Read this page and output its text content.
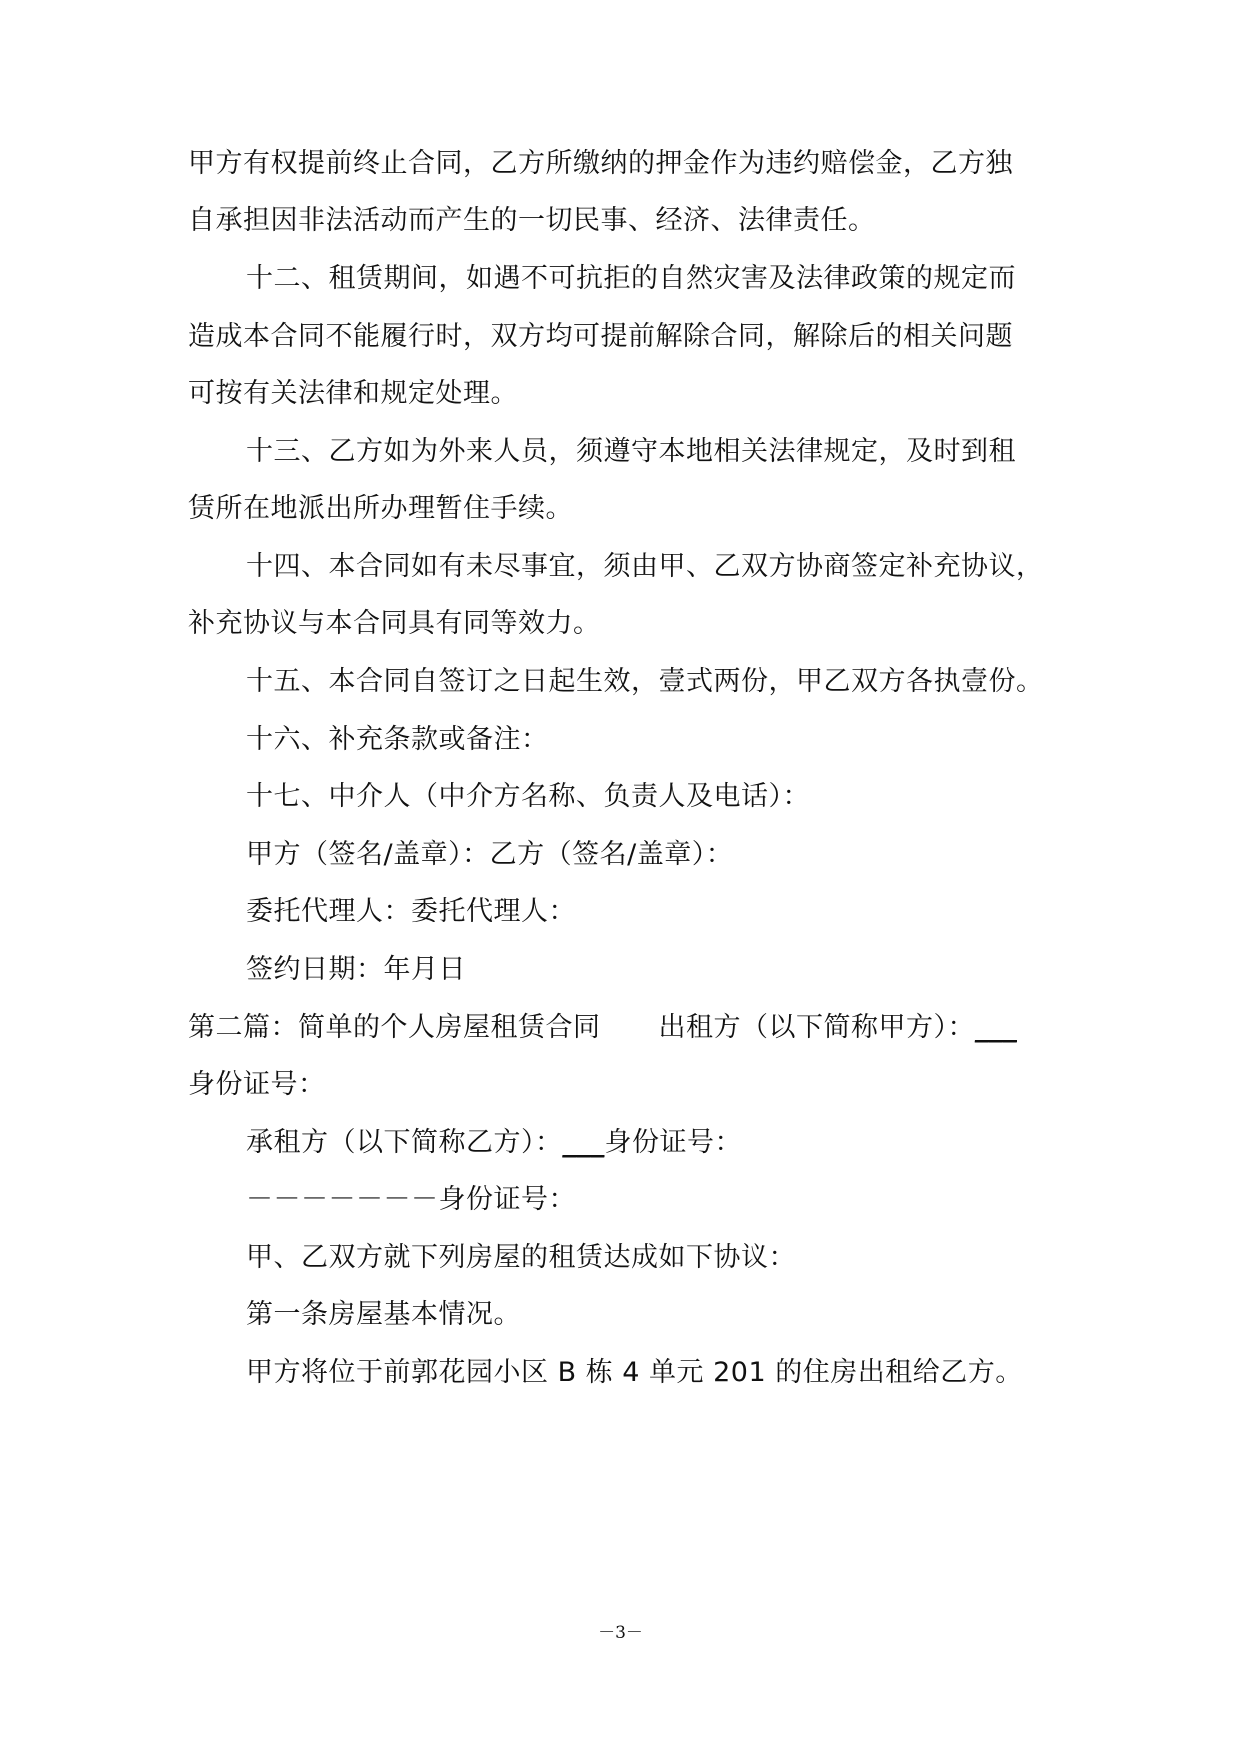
甲方有权提前终止合同，乙方所缴纳的押金作为违约赔偿金，乙方独
自承担因非法活动而产生的一切民事、经济、法律责任。
十二、租赁期间，如遇不可抗拒的自然灾害及法律政策的规定而
造成本合同不能履行时，双方均可提前解除合同，解除后的相关问题
可按有关法律和规定处理。
十三、乙方如为外来人员，须遵守本地相关法律规定，及时到租
赁所在地派出所办理暂住手续。
十四、本合同如有未尽事宜，须由甲、乙双方协商签定补充协议，
补充协议与本合同具有同等效力。
十五、本合同自签订之日起生效，壹式两份，甲乙双方各执壹份。
十六、补充条款或备注：
十七、中介人（中介方名称、负责人及电话）：
甲方（签名/盖章）：乙方（签名/盖章）：
委托代理人：委托代理人：
签约日期：年月日
第二篇：简单的个人房屋租赁合同 出租方（以下简称甲方）：___
身份证号：
承租方（以下简称乙方）：___身份证号：
－－－－－－－身份证号：
甲、乙双方就下列房屋的租赁达成如下协议：
第一条房屋基本情况。
甲方将位于前郭花园小区 B 栋 4 单元 201 的住房出租给乙方。
－3－
